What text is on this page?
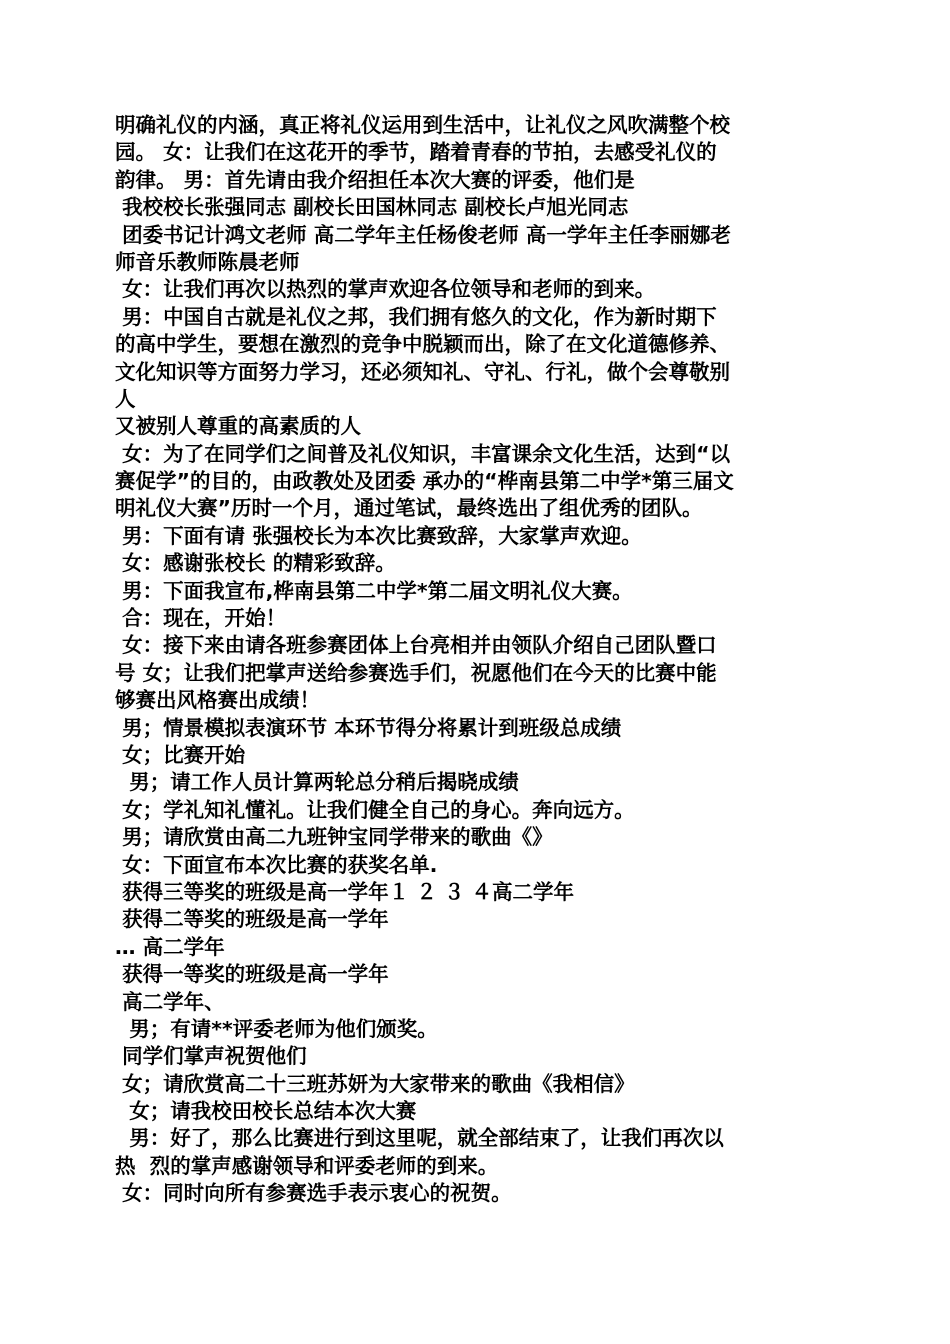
明确礼仪的内涵，真正将礼仪运用到生活中，让礼仪之风吹满整个校
园。 女：让我们在这花开的季节，踏着青春的节拍，去感受礼仪的
韵律。 男：首先请由我介绍担任本次大赛的评委，他们是
我校校长张强同志 副校长田国林同志 副校长卢旭光同志
团委书记计鸿文老师 高二学年主任杨俊老师 高一学年主任李丽娜老
师音乐教师陈晨老师
女：让我们再次以热烈的掌声欢迎各位领导和老师的到来。
男：中国自古就是礼仪之邦，我们拥有悠久的文化，作为新时期下
的高中学生，要想在激烈的竞争中脱颖而出，除了在文化道德修养、
文化知识等方面努力学习，还必须知礼、守礼、行礼，做个会尊敬别
人
又被别人尊重的高素质的人
女：为了在同学们之间普及礼仪知识，丰富课余文化生活，达到“以
赛促学”的目的，由政教处及团委 承办的“桦南县第二中学*第三届文
明礼仪大赛”历时一个月，通过笔试，最终选出了组优秀的团队。
男：下面有请 张强校长为本次比赛致辞，大家掌声欢迎。
女：感谢张校长 的精彩致辞。
男：下面我宣布,桦南县第二中学*第二届文明礼仪大赛。
合：现在，开始！
女：接下来由请各班参赛团体上台亮相并由领队介绍自己团队暨口
号 女；让我们把掌声送给参赛选手们，祝愿他们在今天的比赛中能
够赛出风格赛出成绩！
男；情景模拟表演环节 本环节得分将累计到班级总成绩
女；比赛开始
男；请工作人员计算两轮总分稍后揭晓成绩
女；学礼知礼懂礼。让我们健全自己的身心。奔向远方。
男；请欣赏由高二九班钟宝同学带来的歌曲《》
女：下面宣布本次比赛的获奖名单.
获得三等奖的班级是高一学年１ ２ ３ ４高二学年
获得二等奖的班级是高一学年
… 高二学年
获得一等奖的班级是高一学年
高二学年、
男；有请**评委老师为他们颁奖。
同学们掌声祝贺他们
女；请欣赏高二十三班苏妍为大家带来的歌曲《我相信》
女；请我校田校长总结本次大赛
男：好了，那么比赛进行到这里呢，就全部结束了，让我们再次以
热  烈的掌声感谢领导和评委老师的到来。
女：同时向所有参赛选手表示衷心的祝贺。
